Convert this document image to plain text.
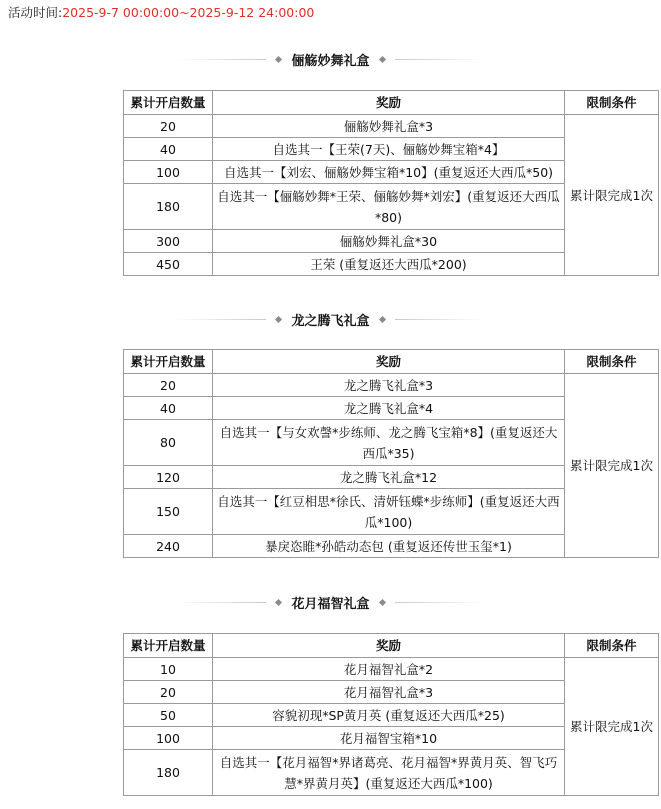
活动时间:2025-9-7 00:00:00~2025-9-12 24:00:00
俪觞妙舞礼盒
累计开启数量	奖励	限制条件
20	俪觞妙舞礼盒*3	累计限完成1次
40	自选其一【王荣(7天)、俪觞妙舞宝箱*4】	
100	自选其一【刘宏、俪觞妙舞宝箱*10】(重复返还大西瓜*50)	
180	自选其一【俪觞妙舞*王荣、俪觞妙舞*刘宏】(重复返还大西瓜*80)	
300	俪觞妙舞礼盒*30	
450	王荣 (重复返还大西瓜*200)	
龙之腾飞礼盒
累计开启数量	奖励	限制条件
20	龙之腾飞礼盒*3	累计限完成1次
40	龙之腾飞礼盒*4	
80	自选其一【与女欢謦*步练师、龙之腾飞宝箱*8】(重复返还大西瓜*35)	
120	龙之腾飞礼盒*12	
150	自选其一【红豆相思*徐氏、清妍钰蝶*步练师】(重复返还大西瓜*100)	
240	暴戾恣睢*孙皓动态包 (重复返还传世玉玺*1)	
花月福智礼盒
累计开启数量	奖励	限制条件
10	花月福智礼盒*2	累计限完成1次
20	花月福智礼盒*3	
50	容貌初现*SP黄月英 (重复返还大西瓜*25)	
100	花月福智宝箱*10	
180	自选其一【花月福智*界诸葛亮、花月福智*界黄月英、智飞巧慧*界黄月英】(重复返还大西瓜*100)	
